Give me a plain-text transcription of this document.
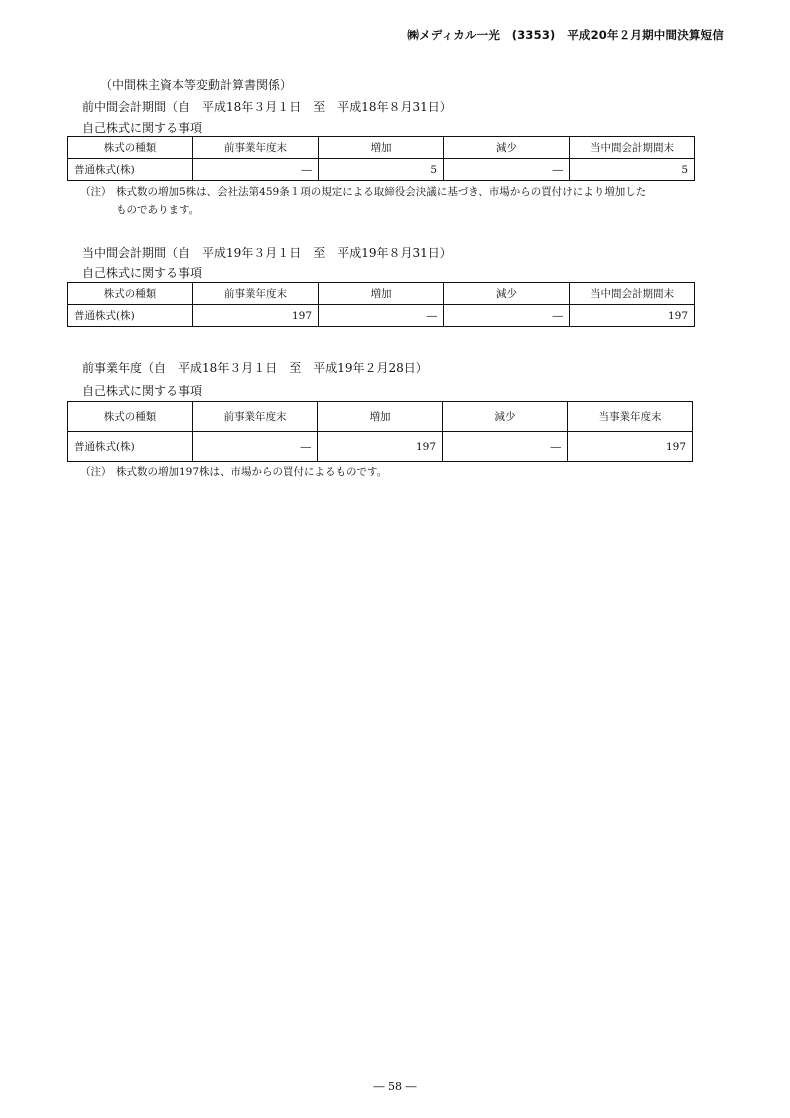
㈱メディカル一光　(3353)　平成20年２月期中間決算短信
（中間株主資本等変動計算書関係）
前中間会計期間（自　平成18年３月１日　至　平成18年８月31日）
自己株式に関する事項
株式の種類	前事業年度末	増加	減少	当中間会計期間末
普通株式(株)	―	5	―	5
（注） 株式数の増加5株は、会社法第459条１項の規定による取締役会決議に基づき、市場からの買付けにより増加した
ものであります。
当中間会計期間（自　平成19年３月１日　至　平成19年８月31日）
自己株式に関する事項
株式の種類	前事業年度末	増加	減少	当中間会計期間末
普通株式(株)	197	―	―	197
前事業年度（自　平成18年３月１日　至　平成19年２月28日）
自己株式に関する事項
株式の種類	前事業年度末	増加	減少	当事業年度末
普通株式(株)	―	197	―	197
（注） 株式数の増加197株は、市場からの買付によるものです。
― 58 ―
